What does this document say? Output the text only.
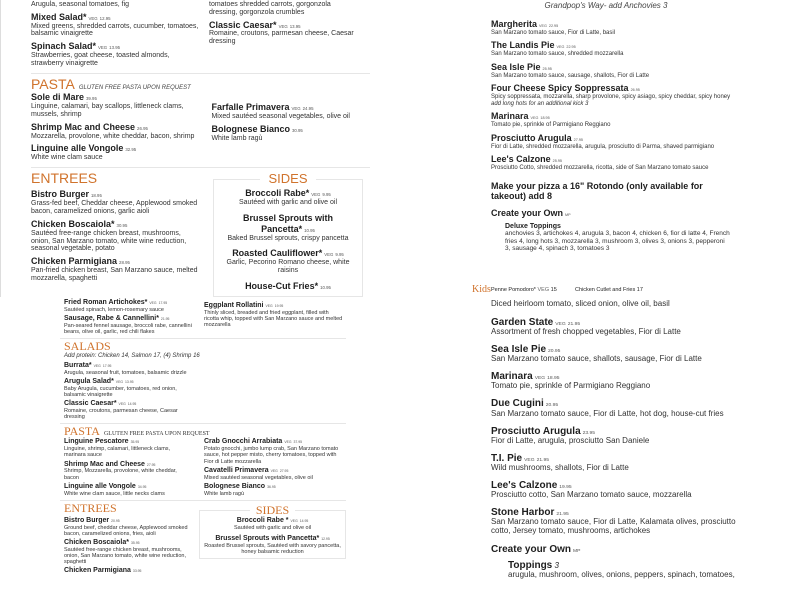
Arugula, seasonal tomatoes, fig
Mixed Salad* VEG 12.95
Mixed greens, shredded carrots, cucumber, tomatoes, balsamic vinaigrette
Spinach Salad* VEG 13.95
Strawberries, goat cheese, toasted almonds, strawberry vinaigrette
tomatoes shredded carrots, gorgonzola
dressing, gorgonzola crumbles
Classic Caesar* VEG 13.95
Romaine, croutons, parmesan cheese, Caesar dressing
PASTA GLUTEN FREE PASTA UPON REQUEST
Sole di Mare 39.95
Linguine, calamari, bay scallops, littleneck clams, mussels, shrimp
Shrimp Mac and Cheese 26.95
Mozzarella, provolone, white cheddar, bacon, shrimp
Linguine alle Vongole 32.95
White wine clam sauce
Farfalle Primavera VEG 24.95
Mixed sautéed seasonal vegetables, olive oil
Bolognese Bianco 30.95
White lamb ragù
ENTREES
Bistro Burger 18.95
Grass-fed beef, Cheddar cheese, Applewood smoked bacon, caramelized onions, garlic aioli
Chicken Boscaiola* 30.95
Sautéed free-range chicken breast, mushrooms, onion, San Marzano tomato, white wine reduction, seasonal vegetable, potato
Chicken Parmigiana 28.95
Pan-fried chicken breast, San Marzano sauce, melted mozzarella, spaghetti
SIDES
Broccoli Rabe* VEG 9.95
Sautéed with garlic and olive oil
Brussel Sprouts with Pancetta* 10.95
Baked Brussel sprouts, crispy pancetta
Roasted Cauliflower* VEG 9.95
Garlic, Pecorino Romano cheese, white raisins
House-Cut Fries* 10.95
Grandpop's Way- add Anchovies 3
Margherita VEG 22.95
San Marzano tomato sauce, Fior di Latte, basil
The Landis Pie VEG 22.95
San Marzano tomato sauce, shredded mozzarella
Sea Isle Pie 25.95
San Marzano tomato sauce, sausage, shallots, Fior di Latte
Four Cheese Spicy Soppressata 26.95
Spicy soppressata, mozzarella, sharp provolone, spicy asiago, spicy cheddar, spicy honey
add long hots for an additional kick 3
Marinara VEG 18.95
Tomato pie, sprinkle of Parmigiano Reggiano
Prosciutto Arugula 27.95
Fior di Latte, shredded mozzarella, arugula, prosciutto di Parma, shaved parmigiano
Lee's Calzone 25.95
Prosciutto Cotto, shredded mozzarella, ricotta, side of San Marzano tomato sauce
Make your pizza a 16" Rotondo (only available for takeout) add 8
Create your Own MP
Deluxe Toppings
anchovies 3, artichokes 4, arugula 3, bacon 4, chicken 6, fior di latte 4, French fries 4, long hots 3, mozzarella 3, mushroom 3, olives 3, onions 3, pepperoni 3, sausage 4, spinach 3, tomatoes 3
Kids Penne Pomodoro* VEG 15	Chicken Cutlet and Fries 17
Fried Roman Artichokes* VEG 17.95
Sautéed spinach, lemon-rosemary sauce
Sausage, Rabe & Cannellini* 21.95
Pan-seared fennel sausage, broccoli rabe, cannellini beans, olive oil, garlic, red chili flakes
Eggplant Rollatini VEG 19.95
Thinly sliced, breaded and fried eggplant, filled with ricotta whip, topped with San Marzano sauce and melted mozzarella
SALADS
Add protein: Chicken 14, Salmon 17, (4) Shrimp 16
Burrata* VEG 17.95
Arugula, seasonal fruit, tomatoes, balsamic drizzle
Arugula Salad* VEG 13.95
Baby Arugula, cucumber, tomatoes, red onion, balsamic vinaigrette
Classic Caesar* VEG 14.95
Romaine, croutons, parmesan cheese, Caesar dressing
PASTA GLUTEN FREE PASTA UPON REQUEST
Linguine Pescatore 35.95
Linguine, shrimp, calamari, littleneck clams, marinara sauce
Shrimp Mac and Cheese 27.95
Shrimp, Mozzarella, provolone, white cheddar, bacon
Linguine alle Vongole 34.95
White wine clam sauce, little necks clams
Crab Gnocchi Arrabiata VEG 37.95
Potato gnocchi, jumbo lump crab, San Marzano tomato sauce, hot pepper misto, cherry tomatoes, topped with Fior di Latte mozzarella
Cavatelli Primavera VEG 27.95
Mixed sautéed seasonal vegetables, olive oil
Bolognese Bianco 36.95
White lamb ragù
ENTREES
Bistro Burger 20.95
Ground beef, cheddar cheese, Applewood smoked bacon, caramelized onions, fries, aioli
Chicken Boscaiola* 35.95
Sautéed free-range chicken breast, mushrooms, onion, San Marzano tomato, white wine reduction, spaghetti
Chicken Parmigiana 33.95
SIDES
Broccoli Rabe * VEG 14.95
Sautéed with garlic and olive oil
Brussel Sprouts with Pancetta* 12.95
Roasted Brussel sprouts, Sautéed with savory pancetta, honey balsamic reduction
Diced heirloom tomato, sliced onion, olive oil, basil
Garden State VEG 21.95
Assortment of fresh chopped vegetables, Fior di Latte
Sea Isle Pie 20.95
San Marzano tomato sauce, shallots, sausage, Fior di Latte
Marinara VEG 18.95
Tomato pie, sprinkle of Parmigiano Reggiano
Due Cugini 20.95
San Marzano tomato sauce, Fior di Latte, hot dog, house-cut fries
Prosciutto Arugula 23.95
Fior di Latte, arugula, prosciutto San Daniele
T.I. Pie VEG 21.95
Wild mushrooms, shallots, Fior di Latte
Lee's Calzone 19.95
Prosciutto cotto, San Marzano tomato sauce, mozzarella
Stone Harbor 21.95
San Marzano tomato sauce, Fior di Latte, Kalamata olives, prosciutto cotto, Jersey tomato, mushrooms, artichokes
Create your Own MP
Toppings 3
arugula, mushroom, olives, onions, peppers, spinach, tomatoes,
